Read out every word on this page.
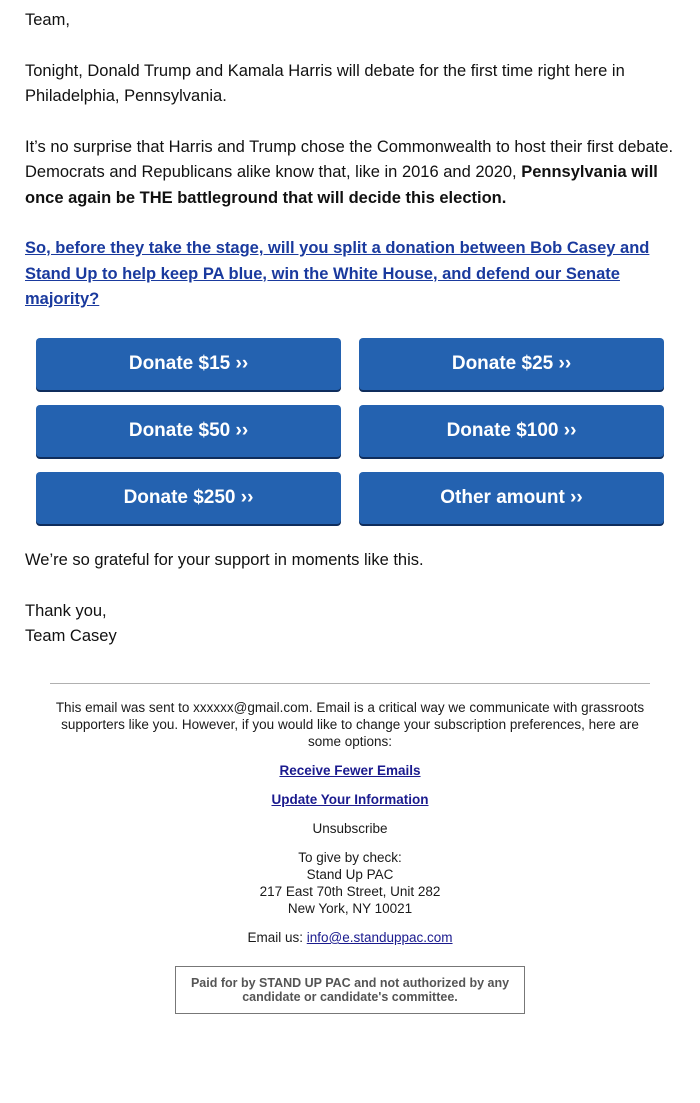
Team,

Tonight, Donald Trump and Kamala Harris will debate for the first time right here in Philadelphia, Pennsylvania.

It’s no surprise that Harris and Trump chose the Commonwealth to host their first debate. Democrats and Republicans alike know that, like in 2016 and 2020, Pennsylvania will once again be THE battleground that will decide this election.

So, before they take the stage, will you split a donation between Bob Casey and Stand Up to help keep PA blue, win the White House, and defend our Senate majority?
Donate $15 ››	Donate $25 ››
Donate $50 ››	Donate $100 ››
Donate $250 ››	Other amount ››

We’re so grateful for your support in moments like this.

Thank you,

Team Casey

This email was sent to xxxxxx@gmail.com. Email is a critical way we communicate with grassroots supporters like you. However, if you would like to change your subscription preferences, here are some options:

Receive Fewer Emails

Update Your Information

Unsubscribe

To give by check:
Stand Up PAC
217 East 70th Street, Unit 282
New York, NY 10021

Email us: info@e.standuppac.com

Paid for by STAND UP PAC and not authorized by any candidate or candidate's committee.
